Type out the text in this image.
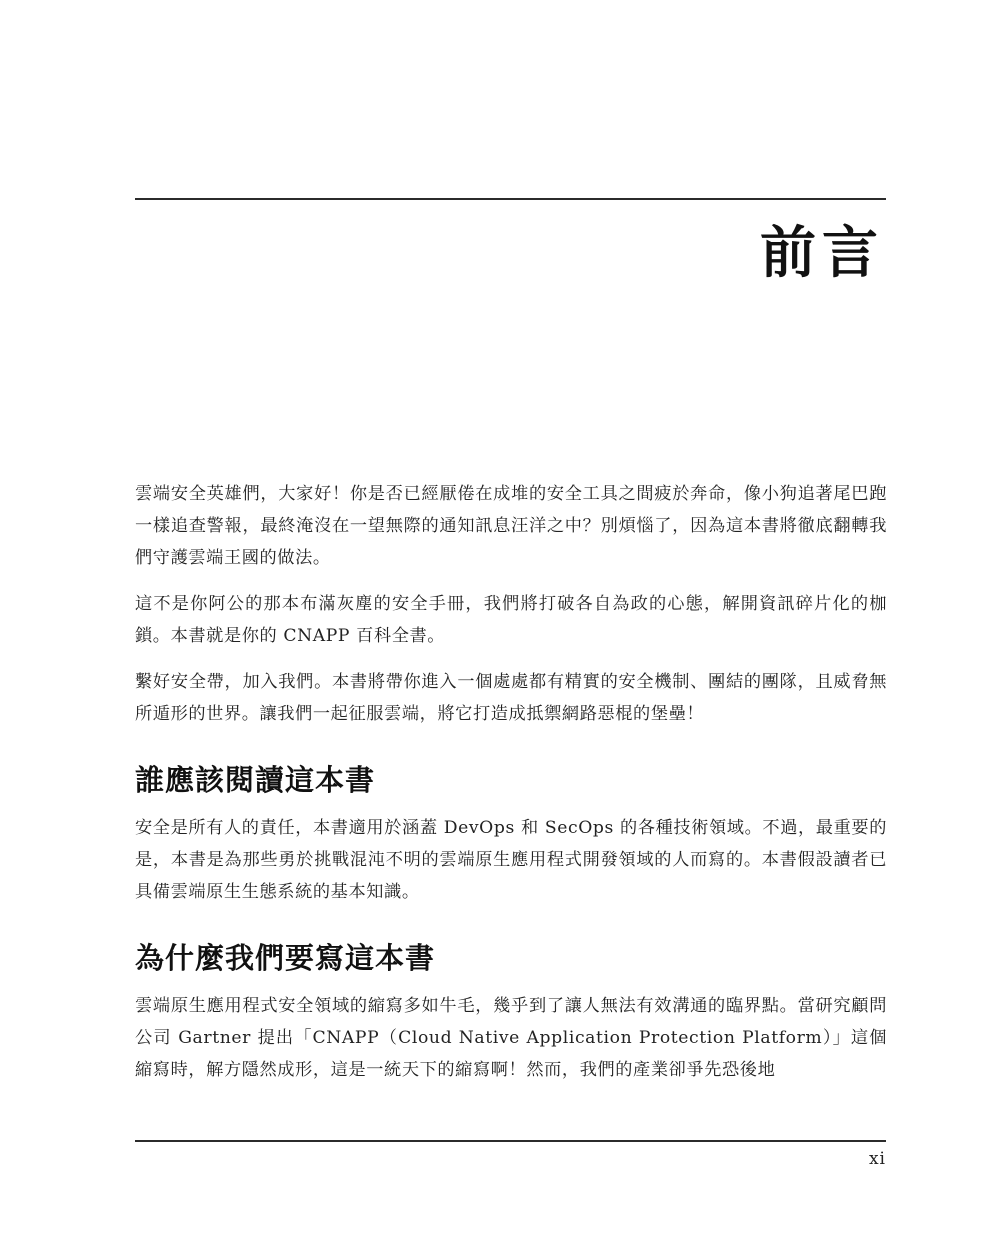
前言

雲端安全英雄們，大家好！你是否已經厭倦在成堆的安全工具之間疲於奔命，像小狗追著尾巴跑一樣追查警報，最終淹沒在一望無際的通知訊息汪洋之中？別煩惱了，因為這本書將徹底翻轉我們守護雲端王國的做法。

這不是你阿公的那本布滿灰塵的安全手冊，我們將打破各自為政的心態，解開資訊碎片化的枷鎖。本書就是你的 CNAPP 百科全書。

繫好安全帶，加入我們。本書將帶你進入一個處處都有精實的安全機制、團結的團隊，且威脅無所遁形的世界。讓我們一起征服雲端，將它打造成抵禦網路惡棍的堡壘！

誰應該閱讀這本書

安全是所有人的責任，本書適用於涵蓋 DevOps 和 SecOps 的各種技術領域。不過，最重要的是，本書是為那些勇於挑戰混沌不明的雲端原生應用程式開發領域的人而寫的。本書假設讀者已具備雲端原生生態系統的基本知識。

為什麼我們要寫這本書

雲端原生應用程式安全領域的縮寫多如牛毛，幾乎到了讓人無法有效溝通的臨界點。當研究顧問公司 Gartner 提出「CNAPP（Cloud Native Application Protection Platform）」這個縮寫時，解方隱然成形，這是一統天下的縮寫啊！然而，我們的產業卻爭先恐後地

xi
